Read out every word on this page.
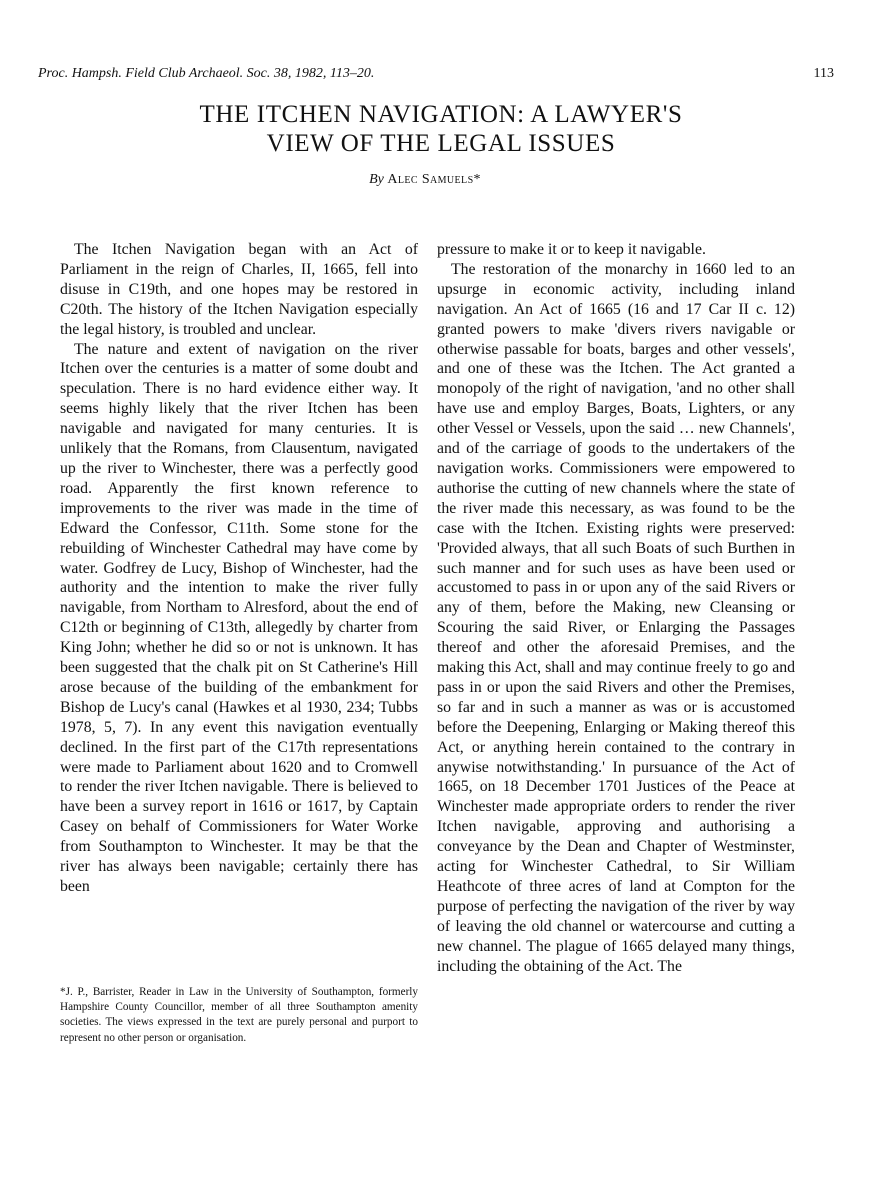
Proc. Hampsh. Field Club Archaeol. Soc. 38, 1982, 113–20.	113
THE ITCHEN NAVIGATION: A LAWYER'S
VIEW OF THE LEGAL ISSUES
By Alec Samuels*

The Itchen Navigation began with an Act of Parliament in the reign of Charles, II, 1665, fell into disuse in C19th, and one hopes may be restored in C20th. The history of the Itchen Navigation especially the legal history, is troubled and unclear.

The nature and extent of navigation on the river Itchen over the centuries is a matter of some doubt and speculation. There is no hard evidence either way. It seems highly likely that the river Itchen has been navigable and navigated for many centuries. It is unlikely that the Romans, from Clausentum, navigated up the river to Winchester, there was a perfectly good road. Apparently the first known reference to improvements to the river was made in the time of Edward the Confessor, C11th. Some stone for the rebuilding of Winchester Cathedral may have come by water. Godfrey de Lucy, Bishop of Winchester, had the authority and the intention to make the river fully navigable, from Northam to Alresford, about the end of C12th or beginning of C13th, allegedly by charter from King John; whether he did so or not is unknown. It has been suggested that the chalk pit on St Catherine's Hill arose because of the building of the embankment for Bishop de Lucy's canal (Hawkes et al 1930, 234; Tubbs 1978, 5, 7). In any event this navigation eventually declined. In the first part of the C17th representations were made to Parliament about 1620 and to Cromwell to render the river Itchen navigable. There is believed to have been a survey report in 1616 or 1617, by Captain Casey on behalf of Commissioners for Water Worke from Southampton to Winchester. It may be that the river has always been navigable; certainly there has been

pressure to make it or to keep it navigable.

The restoration of the monarchy in 1660 led to an upsurge in economic activity, including inland navigation. An Act of 1665 (16 and 17 Car II c. 12) granted powers to make 'divers rivers navigable or otherwise passable for boats, barges and other vessels', and one of these was the Itchen. The Act granted a monopoly of the right of navigation, 'and no other shall have use and employ Barges, Boats, Lighters, or any other Vessel or Vessels, upon the said … new Channels', and of the carriage of goods to the undertakers of the navigation works. Commissioners were empowered to authorise the cutting of new channels where the state of the river made this necessary, as was found to be the case with the Itchen. Existing rights were preserved: 'Provided always, that all such Boats of such Burthen in such manner and for such uses as have been used or accustomed to pass in or upon any of the said Rivers or any of them, before the Making, new Cleansing or Scouring the said River, or Enlarging the Passages thereof and other the aforesaid Premises, and the making this Act, shall and may continue freely to go and pass in or upon the said Rivers and other the Premises, so far and in such a manner as was or is accustomed before the Deepening, Enlarging or Making thereof this Act, or anything herein contained to the contrary in anywise notwithstanding.' In pursuance of the Act of 1665, on 18 December 1701 Justices of the Peace at Winchester made appropriate orders to render the river Itchen navigable, approving and authorising a conveyance by the Dean and Chapter of Westminster, acting for Winchester Cathedral, to Sir William Heathcote of three acres of land at Compton for the purpose of perfecting the navigation of the river by way of leaving the old channel or watercourse and cutting a new channel. The plague of 1665 delayed many things, including the obtaining of the Act. The

*J. P., Barrister, Reader in Law in the University of Southampton, formerly Hampshire County Councillor, member of all three Southampton amenity societies. The views expressed in the text are purely personal and purport to represent no other person or organisation.
